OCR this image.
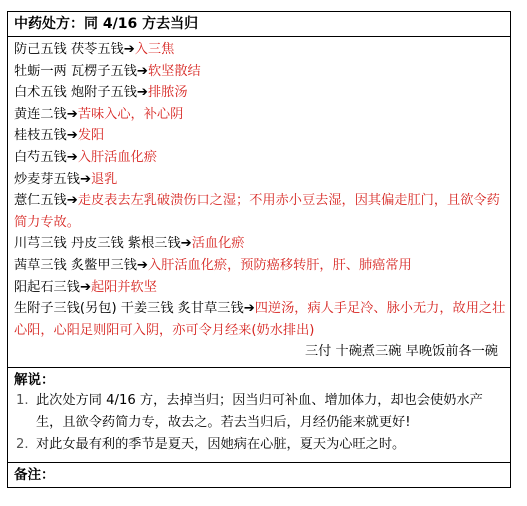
中药处方：同 4/16 方去当归
防己五钱 茯苓五钱➔入三焦
牡蛎一两 瓦楞子五钱➔软坚散结
白术五钱 炮附子五钱➔排脓汤
黄连二钱➔苦味入心，补心阴
桂枝五钱➔发阳
白芍五钱➔入肝活血化瘀
炒麦芽五钱➔退乳
薏仁五钱➔走皮表去左乳破溃伤口之湿；不用赤小豆去湿，因其偏走肛门，且欲令药简力专故。
川芎三钱 丹皮三钱 紫根三钱➔活血化瘀
茜草三钱 炙鳖甲三钱➔入肝活血化瘀，预防癌移转肝，肝、肺癌常用
阳起石三钱➔起阳并软坚
生附子三钱(另包) 干姜三钱 炙甘草三钱➔四逆汤，病人手足冷、脉小无力，故用之壮心阳，心阳足则阳可入阴，亦可令月经来(奶水排出)
三付 十碗煮三碗 早晚饭前各一碗
解说：
1. 此次处方同 4/16 方，去掉当归；因当归可补血、增加体力，却也会使奶水产生，且欲令药简力专，故去之。若去当归后，月经仍能来就更好!
2. 对此女最有利的季节是夏天，因她病在心脏，夏天为心旺之时。
备注：
